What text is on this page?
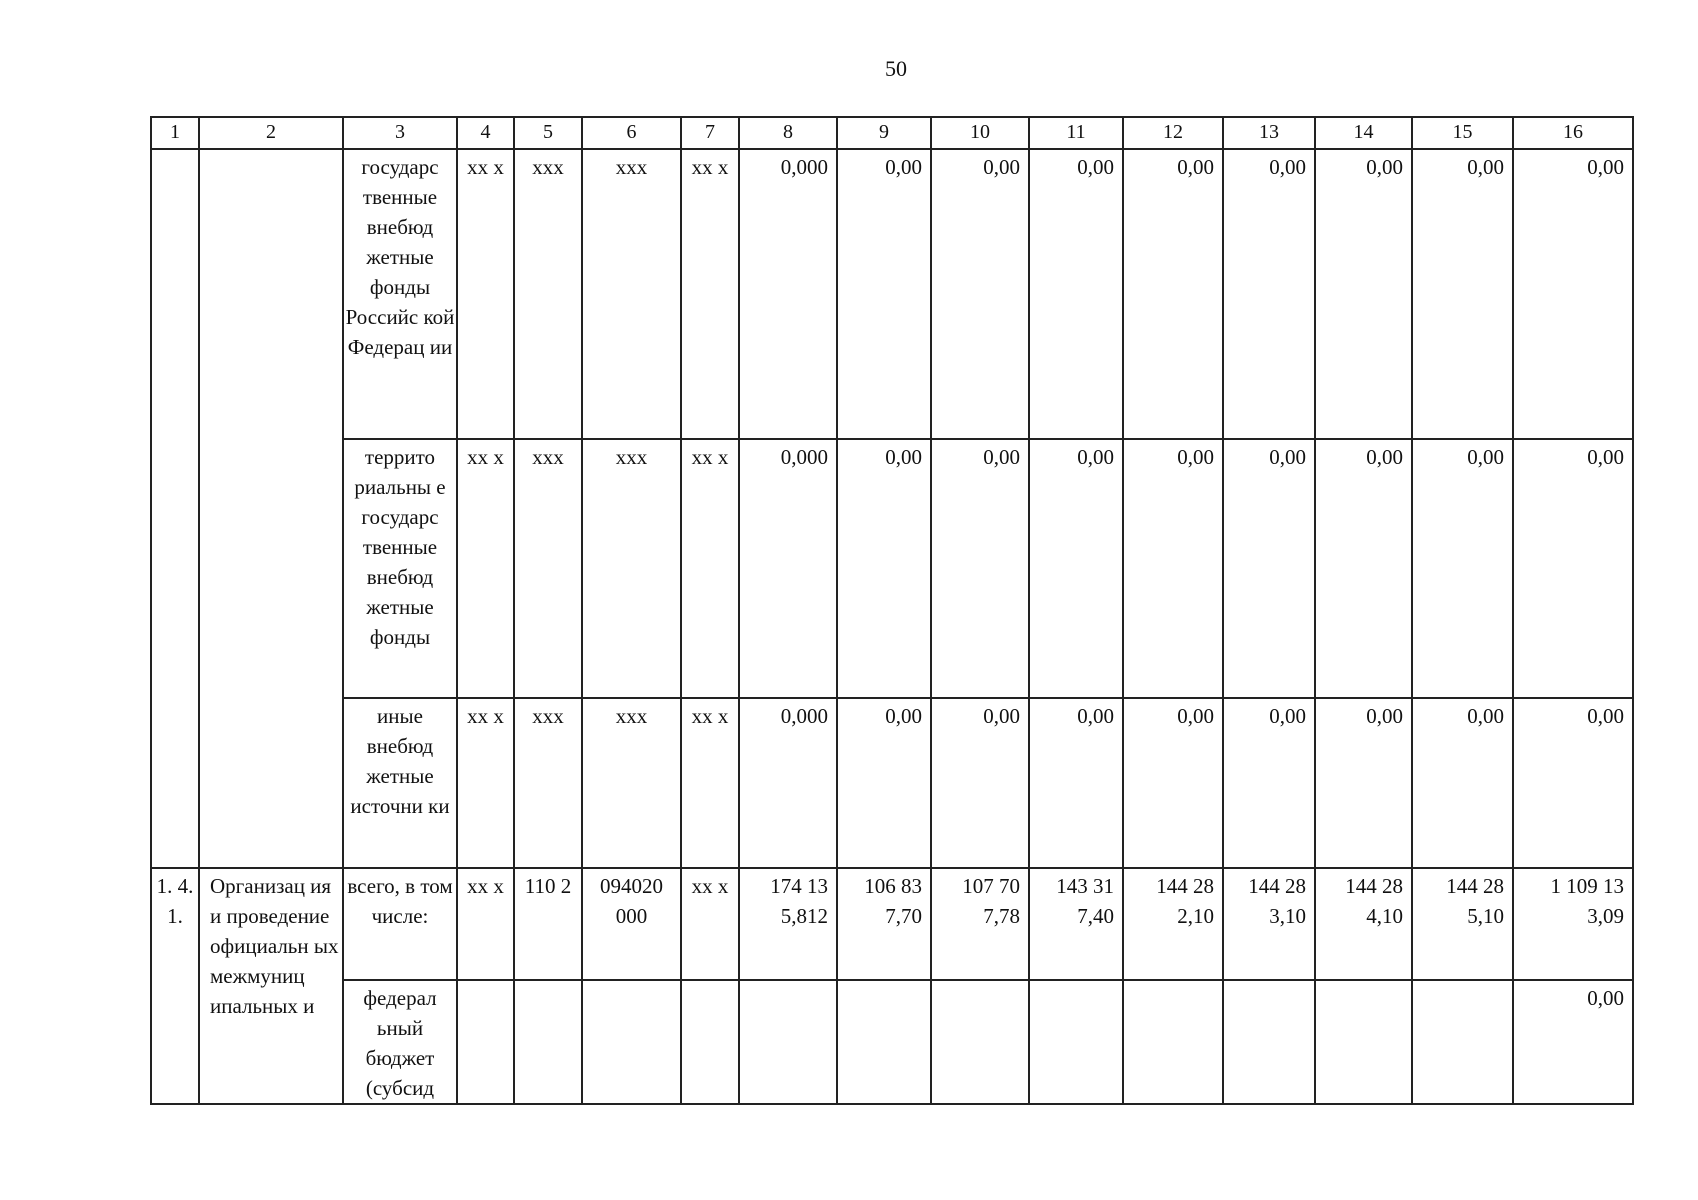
50
1	2	3	4	5	6	7	8	9	10	11	12	13	14	15	16

		государс твенные внебюд жетные фонды Российс кой Федерац ии	хх х	ххх	ххх	хх х	0,000	0,00	0,00	0,00	0,00	0,00	0,00	0,00	0,00

		террито риальны е государс твенные внебюд жетные фонды	хх х	ххх	ххх	хх х	0,000	0,00	0,00	0,00	0,00	0,00	0,00	0,00	0,00

		иные внебюд жетные источни ки	хх х	ххх	ххх	хх х	0,000	0,00	0,00	0,00	0,00	0,00	0,00	0,00	0,00

1. 4. 1.	Организац ия и проведение официальн ых межмуниц ипальных и	всего, в том числе:	хх х	110 2	094020 000	хх х	174 13 5,812	106 83 7,70	107 70 7,78	143 31 7,40	144 28 2,10	144 28 3,10	144 28 4,10	144 28 5,10	1 109 13 3,09

		федерал ьный бюджет (субсид													0,00
